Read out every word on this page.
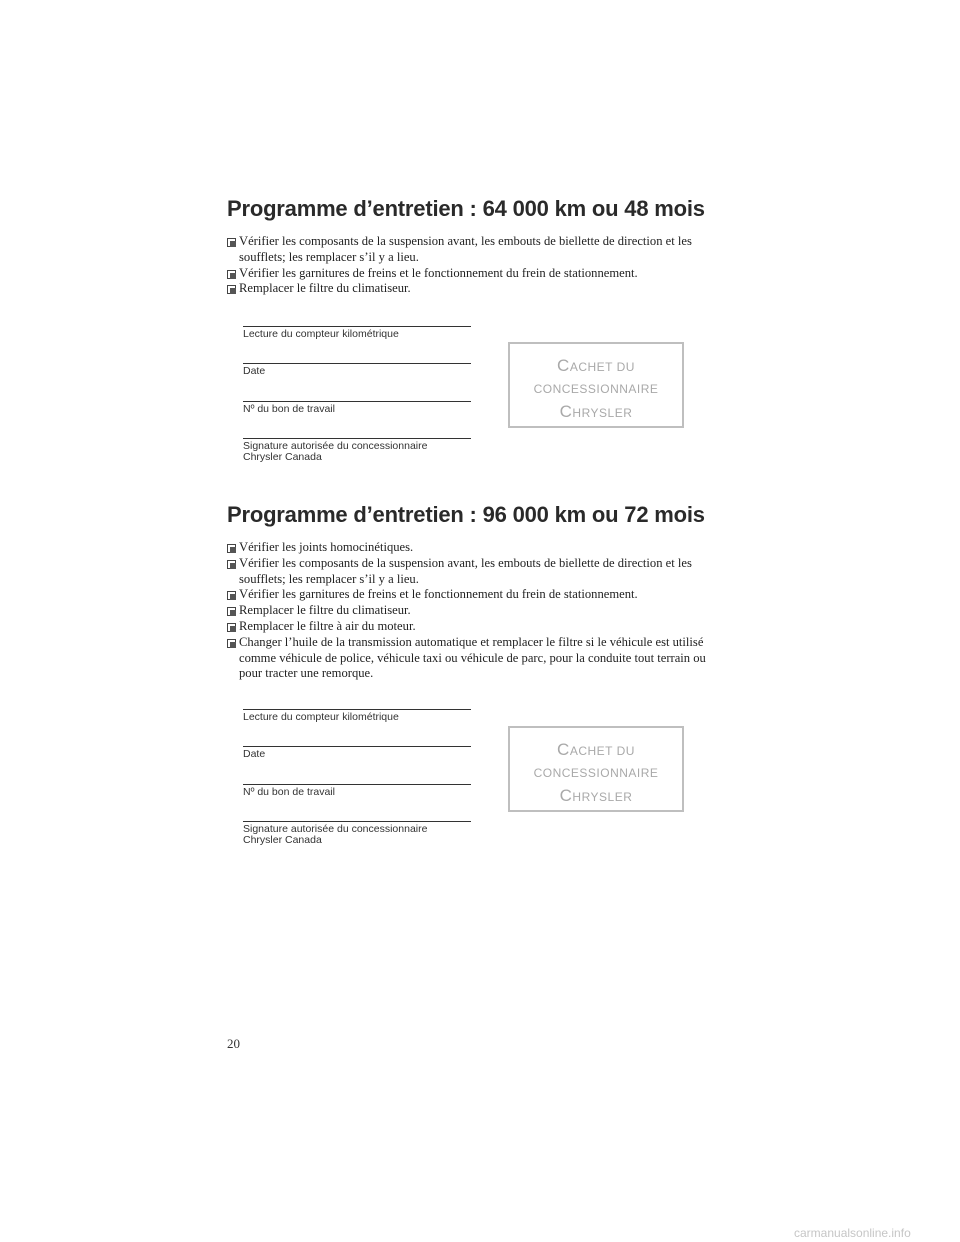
Programme d’entretien : 64 000 km ou 48 mois
Vérifier les composants de la suspension avant, les embouts de biellette de direction et les
soufflets; les remplacer s’il y a lieu.
Vérifier les garnitures de freins et le fonctionnement du frein de stationnement.
Remplacer le filtre du climatiseur.
Lecture du compteur kilométrique
Date
Nº du bon de travail
Signature autorisée du concessionnaire
Chrysler Canada
CACHET DU
CONCESSIONNAIRE
CHRYSLER
Programme d’entretien : 96 000 km ou 72 mois
Vérifier les joints homocinétiques.
Vérifier les composants de la suspension avant, les embouts de biellette de direction et les
soufflets; les remplacer s’il y a lieu.
Vérifier les garnitures de freins et le fonctionnement du frein de stationnement.
Remplacer le filtre du climatiseur.
Remplacer le filtre à air du moteur.
Changer l’huile de la transmission automatique et remplacer le filtre si le véhicule est utilisé
comme véhicule de police, véhicule taxi ou véhicule de parc, pour la conduite tout terrain ou
pour tracter une remorque.
Lecture du compteur kilométrique
Date
Nº du bon de travail
Signature autorisée du concessionnaire
Chrysler Canada
CACHET DU
CONCESSIONNAIRE
CHRYSLER
20
carmanualsonline.info
